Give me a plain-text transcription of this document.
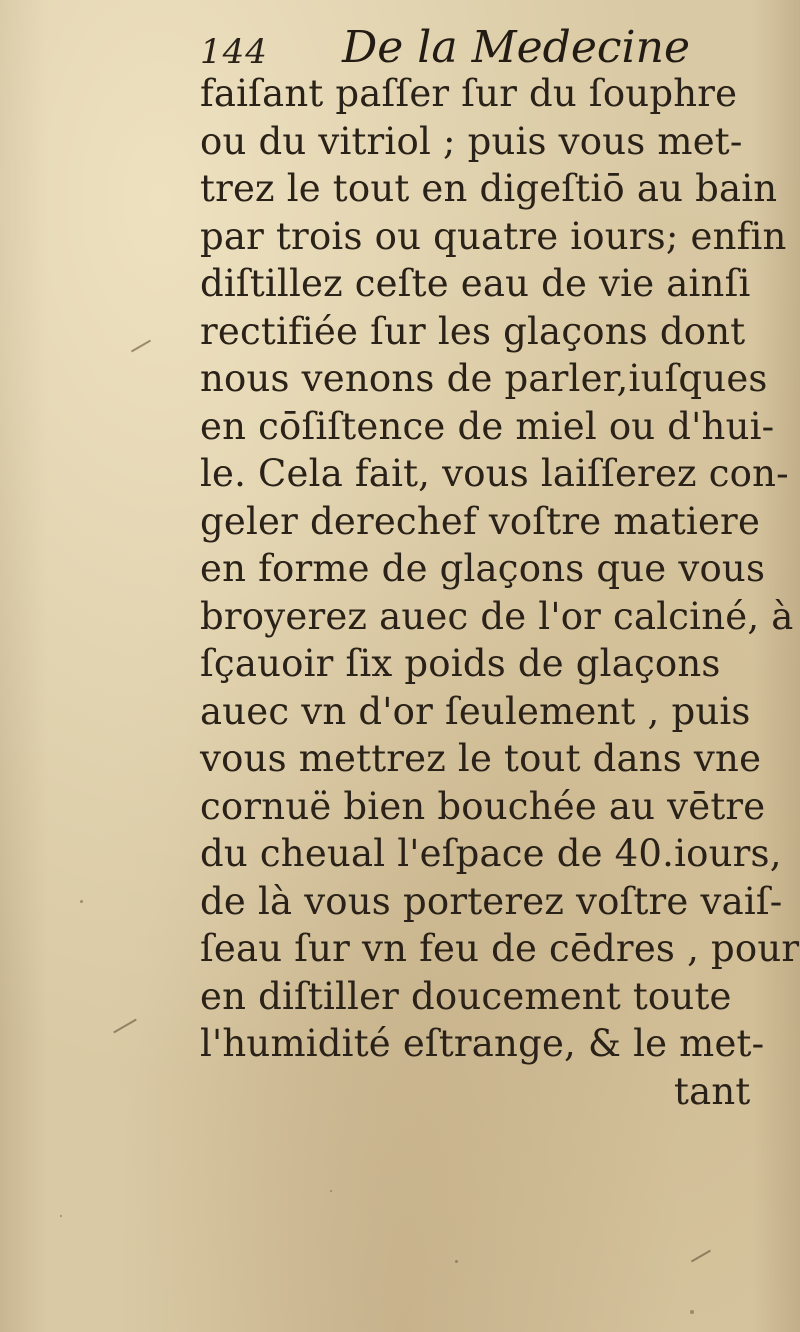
144 De la Medecine
faiſant paſſer ſur du ſouphre
ou du vitriol ; puis vous met-
trez le tout en digeſtiō au bain
par trois ou quatre iours; enfin
diſtillez ceſte eau de vie ainſi
rectifiée ſur les glaçons dont
nous venons de parler,iuſques
en cōſiſtence de miel ou d'hui-
le. Cela fait, vous laiſſerez con-
geler derechef voſtre matiere
en forme de glaçons que vous
broyerez auec de l'or calciné, à
ſçauoir ſix poids de glaçons
auec vn d'or ſeulement , puis
vous mettrez le tout dans vne
cornuë bien bouchée au vētre
du cheual l'eſpace de 40.iours,
de là vous porterez voſtre vaiſ-
ſeau ſur vn feu de cēdres , pour
en diſtiller doucement toute
l'humidité eſtrange, & le met-
tant
